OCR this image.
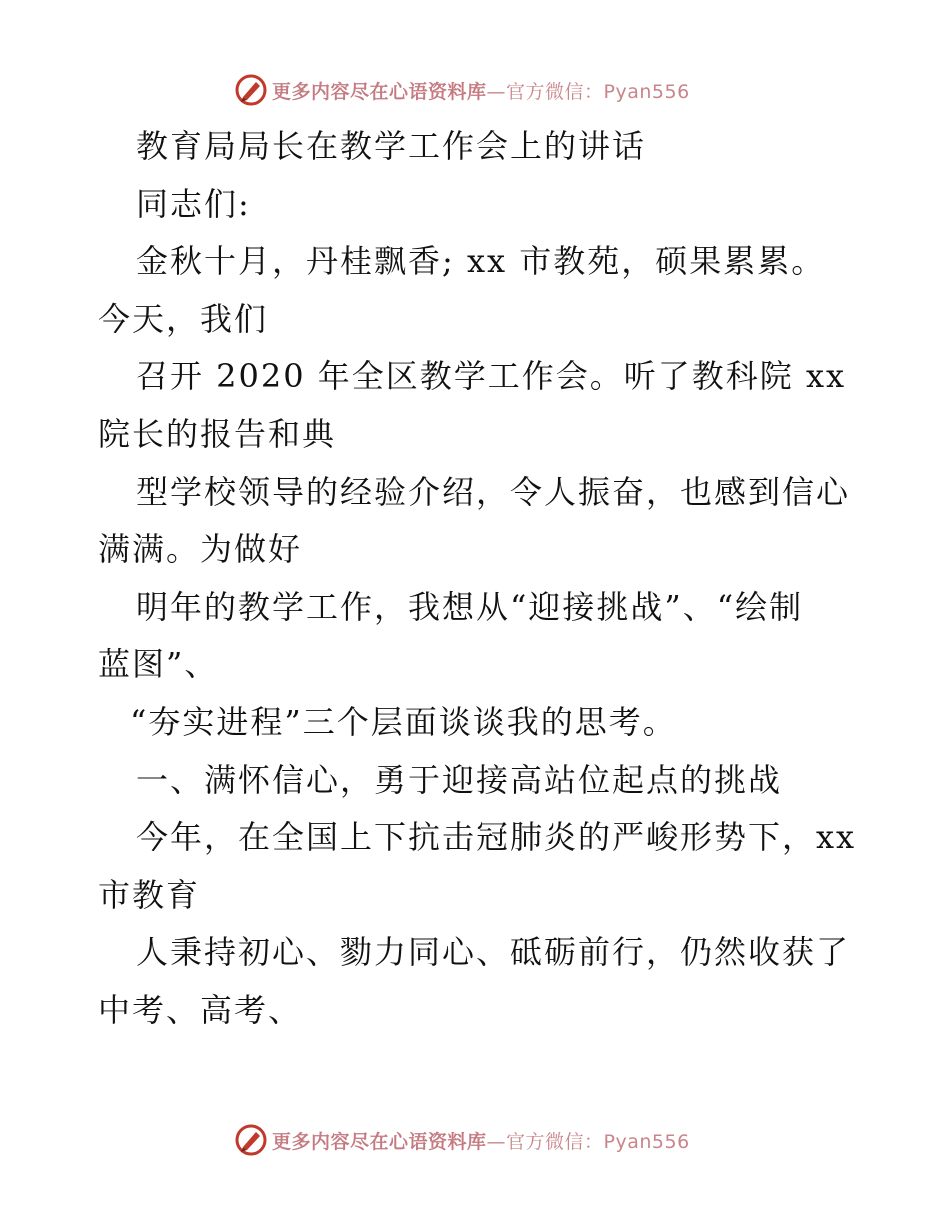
更多内容尽在心语资料库—官方微信：Pyan556
教育局局长在教学工作会上的讲话
同志们:
金秋十月，丹桂飘香; xx 市教苑，硕果累累。
今天，我们
召开 2020 年全区教学工作会。听了教科院 xx
院长的报告和典
型学校领导的经验介绍，令人振奋，也感到信心
满满。为做好
明年的教学工作，我想从“迎接挑战”、“绘制
蓝图”、
“夯实进程”三个层面谈谈我的思考。
一、满怀信心，勇于迎接高站位起点的挑战
今年，在全国上下抗击冠肺炎的严峻形势下，xx
市教育
人秉持初心、勠力同心、砥砺前行，仍然收获了
中考、高考、
更多内容尽在心语资料库—官方微信：Pyan556
